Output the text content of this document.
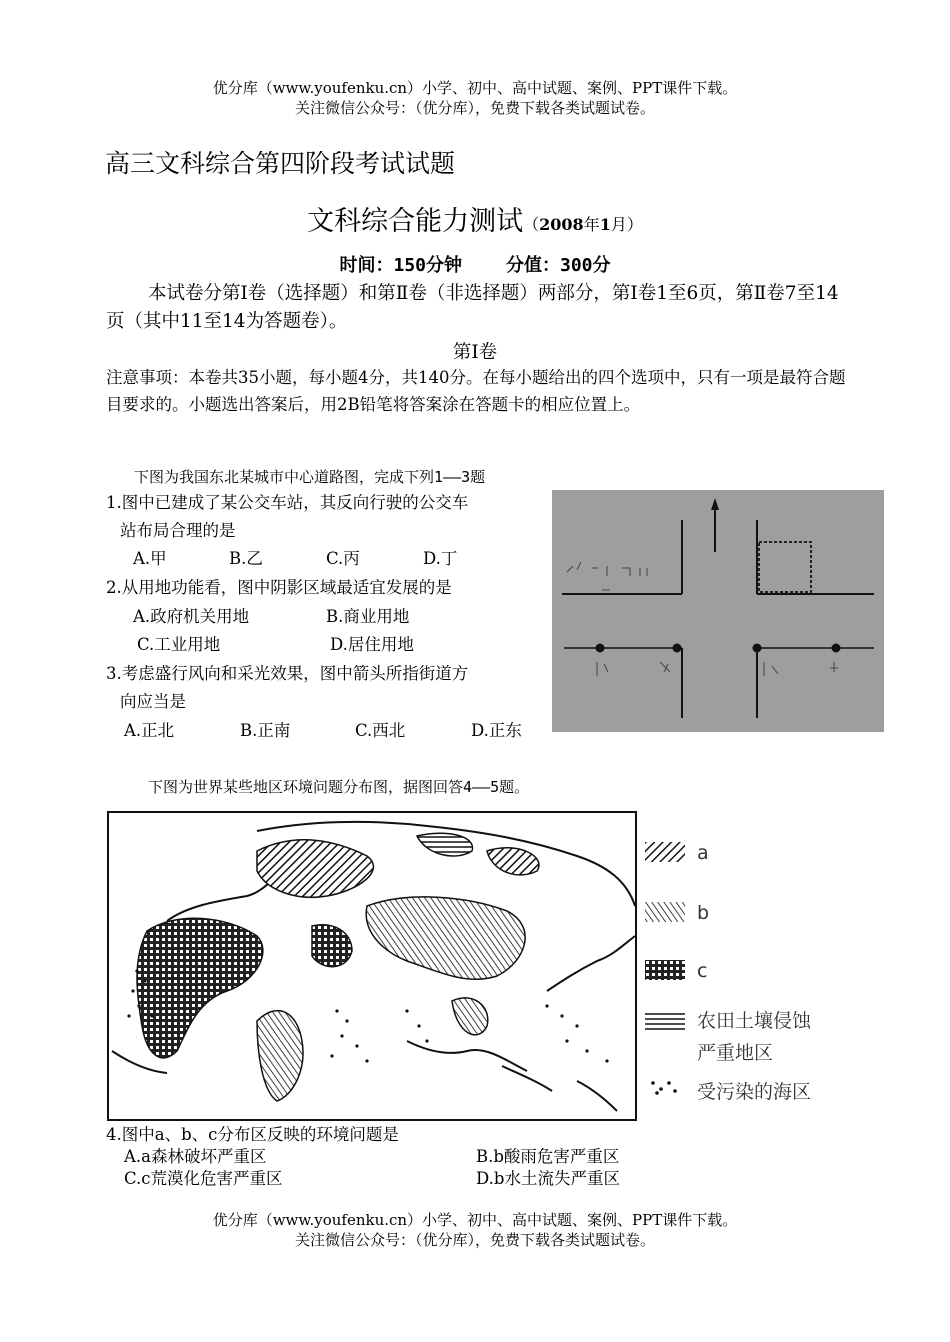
优分库（www.youfenku.cn）小学、初中、高中试题、案例、PPT课件下载。
关注微信公众号：（优分库），免费下载各类试题试卷。
高三文科综合第四阶段考试试题
文科综合能力测试（2008年1月）
时间：150分钟 分值：300分
本试卷分第Ⅰ卷（选择题）和第Ⅱ卷（非选择题）两部分，第Ⅰ卷1至6页，第Ⅱ卷7至14页（其中11至14为答题卷）。
第Ⅰ卷
注意事项：本卷共35小题，每小题4分，共140分。在每小题给出的四个选项中，只有一项是最符合题目要求的。小题选出答案后，用2B铅笔将答案涂在答题卡的相应位置上。
下图为我国东北某城市中心道路图，完成下列1——3题
1.图中已建成了某公交车站，其反向行驶的公交车
站布局合理的是
A.甲	B.乙	C.丙	D.丁
2.从用地功能看，图中阴影区域最适宜发展的是
A.政府机关用地	B.商业用地
C.工业用地	D.居住用地
3.考虑盛行风向和采光效果，图中箭头所指街道方
向应当是
A.正北	B.正南	C.西北	D.正东
下图为世界某些地区环境问题分布图，据图回答4——5题。
a
b
c
农田土壤侵蚀
严重地区
受污染的海区
4.图中a、b、c分布区反映的环境问题是
A.a森林破坏严重区	B.b酸雨危害严重区
C.c荒漠化危害严重区	D.b水土流失严重区
优分库（www.youfenku.cn）小学、初中、高中试题、案例、PPT课件下载。
关注微信公众号：（优分库），免费下载各类试题试卷。
